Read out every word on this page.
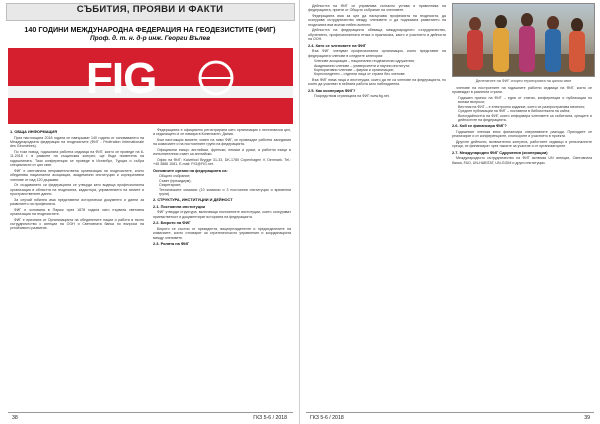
СЪБИТИЯ, ПРОЯВИ И ФАКТИ
140 ГОДИНИ МЕЖДУНАРОДНА ФЕДЕРАЦИЯ НА ГЕОДЕЗИСТИТЕ (ФИГ)
Проф. д. т. н. д-р инж. Георги Вълев
FIG
1. ОБЩА ИНФОРМАЦИЯ

През настоящата 2018 година се навършват 140 години от основаването на Международната федерация на геодезистите (ФИГ - Fédération Internationale des Géomètres).

По този повод, годишната работна седмица на ФИГ, която се проведе на 6-11.2018 г. в рамките на същинския конгрес, ще бъде посветена на годишнината. Тази конференция се проведе в Истанбул, Турция и събра специалисти от цял свят.

ФИГ е световната неправителствена организация на геодезистите, която обединява национални асоциации, академични институции и корпоративни членове от над 120 държави.

От създаването си федерацията се утвърди като водеща професионална организация в областта на геодезията, кадастъра, управлението на земите и пространствените данни.

За случай юбилея има представени исторически документи и данни за развитието на професията.

ФИГ е основана в Париж през 1878 година като първата световна организация на геодезистите.

ФИГ е призната от Организацията на обединените нации и работи в тясно сътрудничество с агенции на ООН и Световната банка по въпроси на устойчивото развитие.

Федерацията е официално регистрирана като организация с нестопанска цел, а седалището ѝ се намира в Копенхаген, Дания.

Към настоящия момент, освен на ниво ФИГ, се провеждат работни заседания на комисиите и на постоянните групи на федерацията.

Официални езици: английски, френски, немски и руски, а работни езици в изпълнителния съвет са английски.

Офис на ФИГ: Kalvebod Brygge 31-33, DK-1780 Copenhagen V, Denmark. Tel.: +45 3886 1081, E-mail: FIG@FIG.net.

Основните органи на федерацията са:
• Общото събрание;
• Съвет (президиум);
• Секретариат;
• Техническите комисии (10 комисии и 3 постоянни институции и временни групи).
2. СТРУКТУРА, ИНСТИТУЦИИ И ДЕЙНОСТ
2.1. Постоянни институции

ФИГ утвърди структура, включваща постоянните институции, които осигуряват приемственост и документират историята на федерацията.

2.2. Бюрото на ФИГ

Бюрото се състои от президента, вицепрезидентите и председателите на комисиите, които отговарят за стратегическото управление и координацията между членовете.

2.3. Ролята на ФИГ
38	ГКЗ 5-6 / 2018

Дейността на ФИГ се управлява съгласно устава и правилника на федерацията, приети от Общото събрание на членовете.

Федерацията има за цел да насърчава професията на геодезиста, да осигурява сътрудничество между членовете и да подпомага развитието на геодезията във всички нейни аспекти.

Дейността на федерацията обхваща международното сътрудничество, обучението, професионалната етика и практиката, както и участието в дейности на ООН.

2.4. Като се членовете на ФИГ

Във ФИГ членуват професионални организации, които представят на федерацията членове в следните категории:

• Членове асоциации – национални геодезически сдружения;
• Академични членове – университети и научни институти;
• Корпоративни членове – фирми и организации;
• Кореспонденти – отделни лица от страни без членове.

Във ФИГ няма лица и институции, които да не са членове на федерацията, но които да участват в нейната работа като наблюдатели.

2.5. Как кооперира ФИГ?
• Посредством страницата на ФИГ www.fig.net.
Делегатите на ФИГ спорти територията на цялия свят

членове на построените на годишните работни седмици на ФИГ, които се провеждат в различни страни.

• Годишен принос на ФИГ – едни от статии, конференции и публикации по всички въпроси;
• Вестник на ФИГ – е електронно издание, което се разпространява месечно;
• Средите публикации на ФИГ – поставени в библиотеката на сайта;
• Всеотдайността на ФИГ, която информира членовете за събитията, срещите и дейностите на федерацията.
2.6. Кой се финансира ФИГ?

Годишният членски внос финансира оперативните разходи. Приходите се реализират и от конференциите, спонсорите и участието в проекти.

Другите дейности, включително конгреса, работните седмици и регионалните срещи, се финансират чрез таксите за участие и от организаторите.

2.7. Международни ФИГ Сдружения (кооперации)

Международното сътрудничество на ФИГ включва UN агенции, Световната банка, FAO, UN-HABITAT, UN-GGIM и други институции.

ГКЗ 5-6 / 2018	39
